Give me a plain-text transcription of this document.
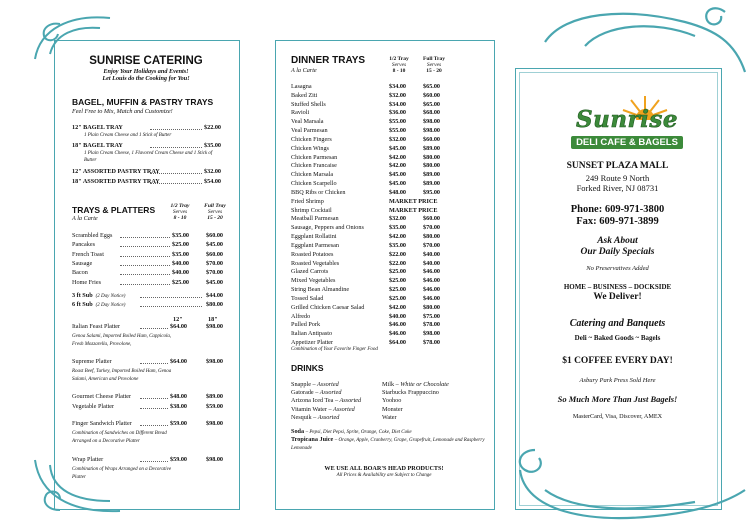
SUNRISE CATERING
Enjoy Your Holidays and Events!
Let Louis do the Cooking for You!
BAGEL, MUFFIN & PASTRY TRAYS
Feel Free to Mix, Match and Customize!
12" BAGEL TRAY	$22.00
1 Plain Cream Cheese and 1 Stick of Butter
18" BAGEL TRAY	$35.00
1 Plain Cream Cheese, 1 Flavored Cream Cheese and 1 Stick of Butter
12" ASSORTED PASTRY TRAY	$32.00
18" ASSORTED PASTRY TRAY	$54.00
TRAYS & PLATTERS
A la Carte
1/2 Tray
Serves
8 - 10
Full Tray
Serves
15 - 20
Scrambled Eggs	$35.00	$60.00
Pancakes	$25.00	$45.00
French Toast	$35.00	$60.00
Sausage	$40.00	$70.00
Bacon	$40.00	$70.00
Home Fries	$25.00	$45.00
3 ft Sub (2 Day Notice)	$44.00
6 ft Sub (2 Day Notice)	$80.00
12"	18"
Italian Feast Platter	$64.00	$98.00
Genoa Salami, Imported Boiled Ham, Cappicola, Fresh Mozzarella, Provolone,
Supreme Platter	$64.00	$98.00
Roast Beef, Turkey, Imported Boiled Ham, Genoa Salami, American and Provolone
Gourmet Cheese Platter	$48.00	$89.00
Vegetable Platter	$38.00	$59.00
Finger Sandwich Platter	$59.00	$98.00
Combination of Sandwiches on Different Bread Arranged on a Decorative Platter
Wrap Platter	$59.00	$98.00
Combination of Wraps Arranged on a Decorative Platter
DINNER TRAYS
A la Carte
1/2 Tray
Serves
8 - 10
Full Tray
Serves
15 - 20
Lasagna	$34.00	$65.00
Baked Ziti	$32.00	$60.00
Stuffed Shells	$34.00	$65.00
Ravioli	$36.00	$68.00
Veal Marsala	$55.00	$98.00
Veal Parmesan	$55.00	$98.00
Chicken Fingers	$32.00	$60.00
Chicken Wings	$45.00	$89.00
Chicken Parmesan	$42.00	$80.00
Chicken Francaise	$42.00	$80.00
Chicken Marsala	$45.00	$89.00
Chicken Scarpello	$45.00	$89.00
BBQ Ribs or Chicken	$48.00	$95.00
Fried Shrimp	MARKET PRICE
Shrimp Cocktail	MARKET PRICE
Meatball Parmesan	$32.00	$60.00
Sausage, Peppers and Onions	$35.00	$70.00
Eggplant Rollatini	$42.00	$80.00
Eggplant Parmesan	$35.00	$70.00
Roasted Potatoes	$22.00	$40.00
Roasted Vegetables	$22.00	$40.00
Glazed Carrots	$25.00	$46.00
Mixed Vegetables	$25.00	$46.00
String Bean Almandine	$25.00	$46.00
Tossed Salad	$25.00	$46.00
Grilled Chicken Caesar Salad	$42.00	$80.00
Alfredo	$40.00	$75.00
Pulled Pork	$46.00	$78.00
Italian Antipasto	$46.00	$98.00
Appetizer Platter	$64.00	$78.00
Combination of Your Favorite Finger Food
DRINKS
Snapple – Assorted
Gatorade – Assorted
Arizona Iced Tea – Assorted
Vitamin Water – Assorted
Nesquik – Assorted
Milk – White or Chocolate
Starbucks Frappuccino
Yoohoo
Monster
Water
Soda – Pepsi, Diet Pepsi, Sprite, Orange, Coke, Diet Coke
Tropicana Juice – Orange, Apple, Cranberry, Grape, Grapefruit, Lemonade and Raspberry Lemonade
WE USE ALL BOAR'S HEAD PRODUCTS!
All Prices & Availability are Subject to Change
Sunrise
DELI CAFE & BAGELS
SUNSET PLAZA MALL
249 Route 9 North
Forked River, NJ 08731
Phone: 609-971-3800
Fax: 609-971-3899
Ask About
Our Daily Specials
No Preservatives Added
HOME – BUSINESS – DOCKSIDE
We Deliver!
Catering and Banquets
Deli ~ Baked Goods ~ Bagels
$1 COFFEE EVERY DAY!
Asbury Park Press Sold Here
So Much More Than Just Bagels!
MasterCard, Visa, Discover, AMEX
